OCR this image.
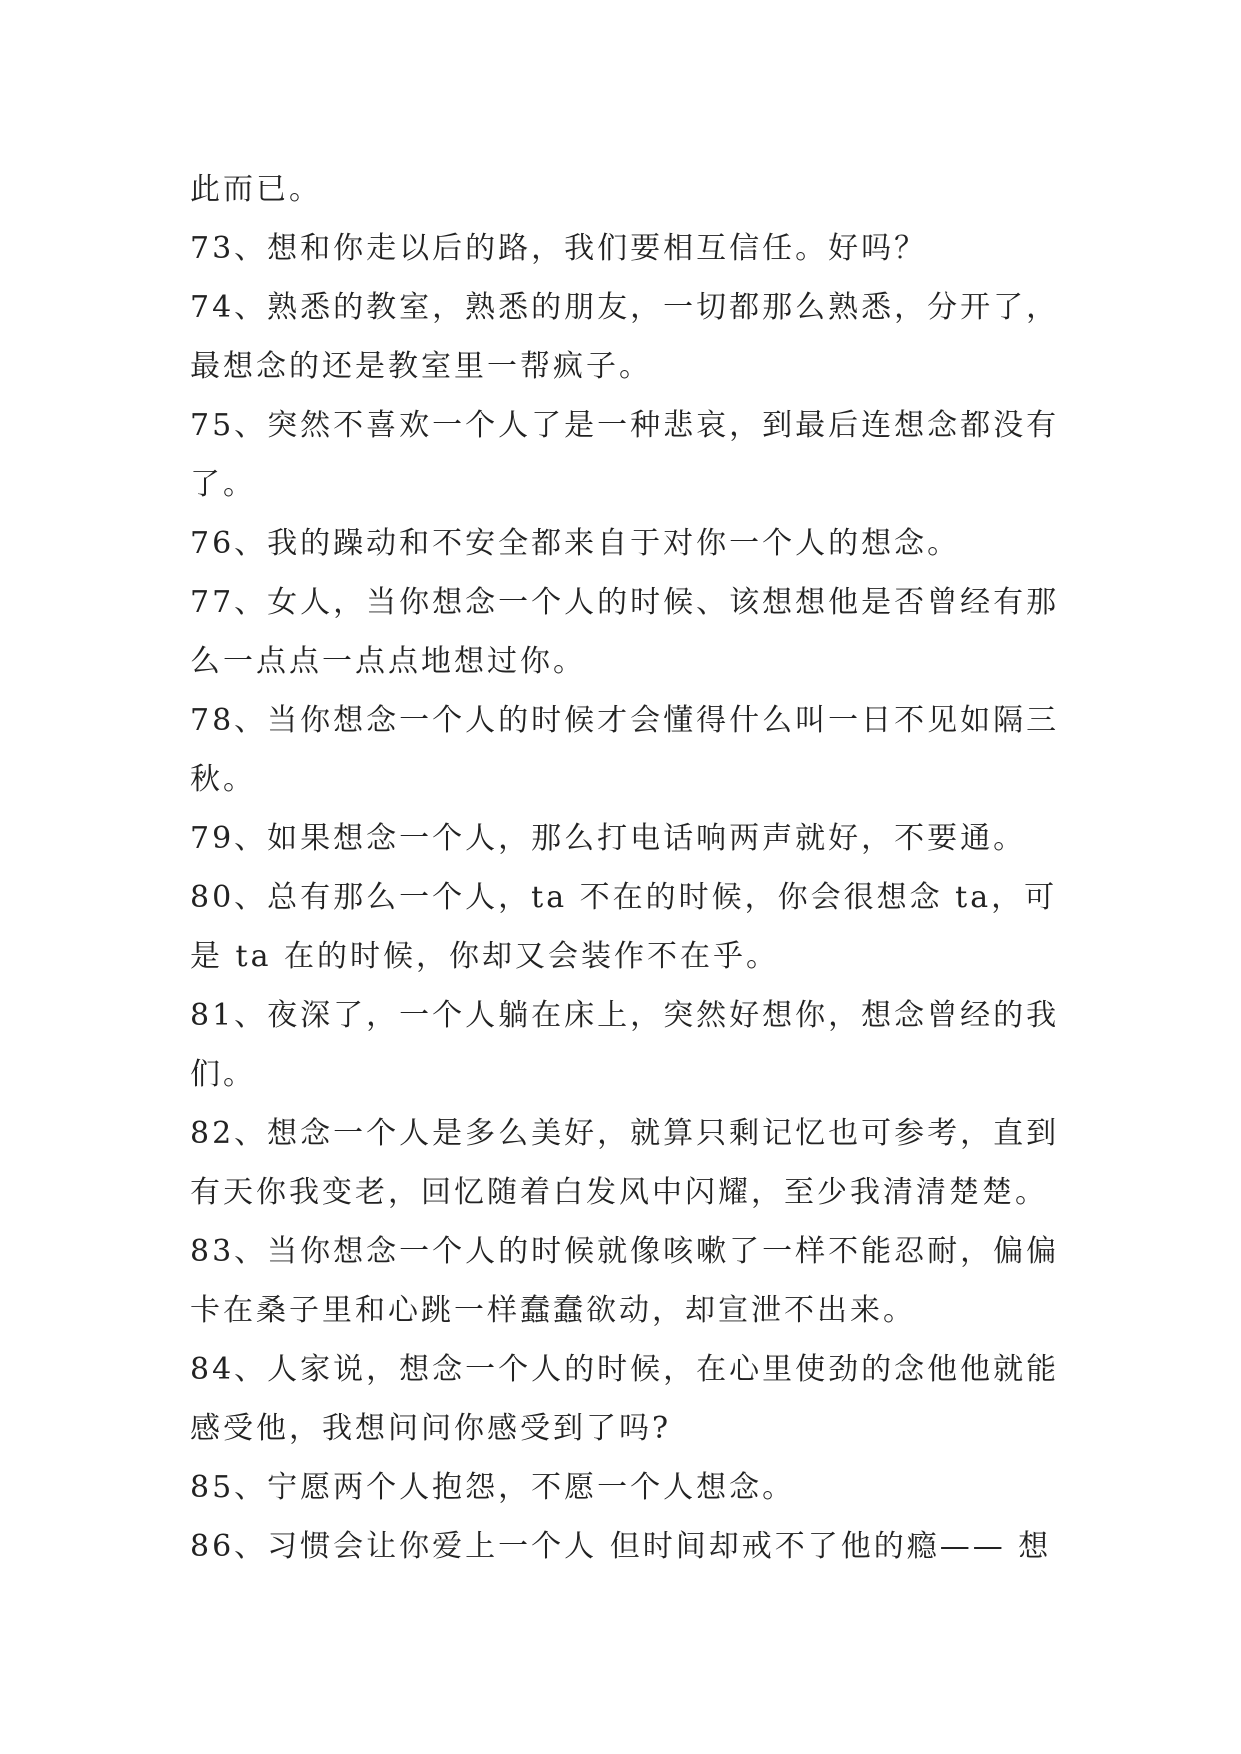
此而已。
73、想和你走以后的路，我们要相互信任。好吗？
74、熟悉的教室，熟悉的朋友，一切都那么熟悉，分开了，
最想念的还是教室里一帮疯子。
75、突然不喜欢一个人了是一种悲哀，到最后连想念都没有
了。
76、我的躁动和不安全都来自于对你一个人的想念。
77、女人，当你想念一个人的时候、该想想他是否曾经有那
么一点点一点点地想过你。
78、当你想念一个人的时候才会懂得什么叫一日不见如隔三
秋。
79、如果想念一个人，那么打电话响两声就好，不要通。
80、总有那么一个人，ta 不在的时候，你会很想念 ta，可
是 ta 在的时候，你却又会装作不在乎。
81、夜深了，一个人躺在床上，突然好想你，想念曾经的我
们。
82、想念一个人是多么美好，就算只剩记忆也可参考，直到
有天你我变老，回忆随着白发风中闪耀，至少我清清楚楚。
83、当你想念一个人的时候就像咳嗽了一样不能忍耐，偏偏
卡在桑子里和心跳一样蠢蠢欲动，却宣泄不出来。
84、人家说，想念一个人的时候，在心里使劲的念他他就能
感受他，我想问问你感受到了吗?
85、宁愿两个人抱怨，不愿一个人想念。
86、习惯会让你爱上一个人 但时间却戒不了他的瘾—— 想
